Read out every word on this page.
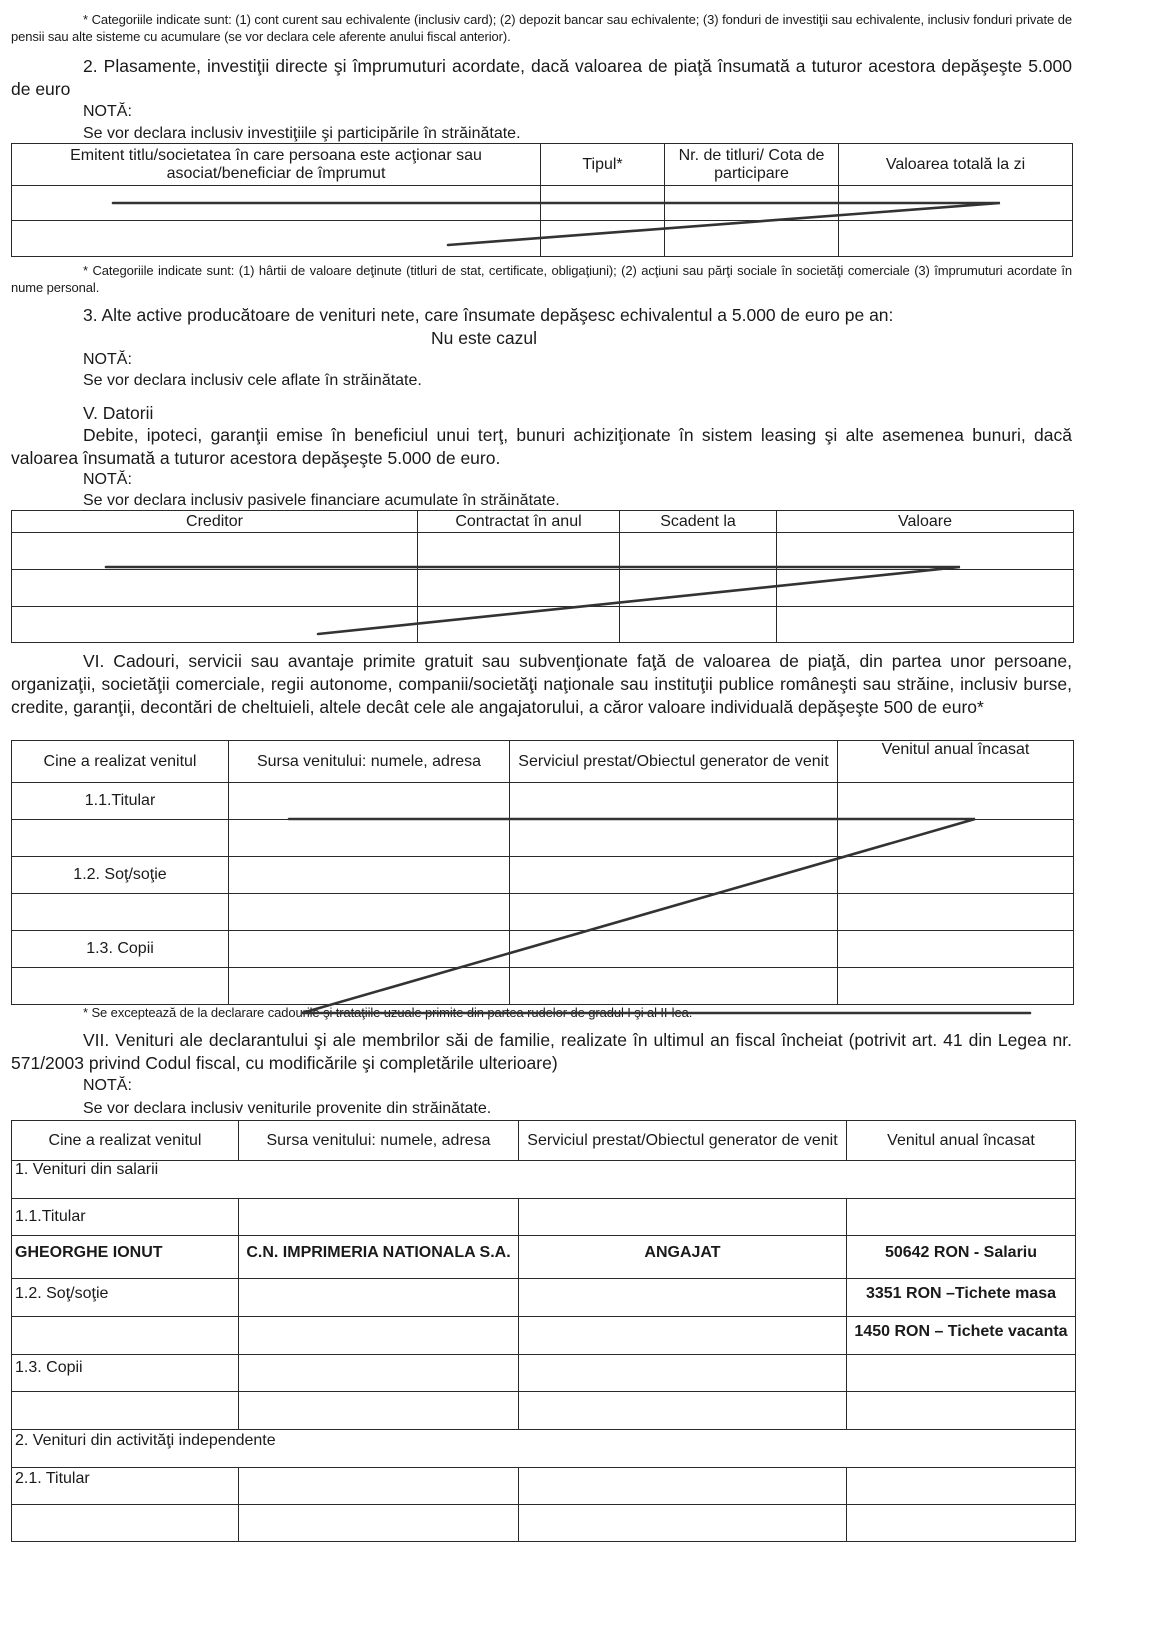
* Categoriile indicate sunt: (1) cont curent sau echivalente (inclusiv card); (2) depozit bancar sau echivalente; (3) fonduri de investiţii sau echivalente, inclusiv fonduri private de pensii sau alte sisteme cu acumulare (se vor declara cele aferente anului fiscal anterior).
2. Plasamente, investiţii directe şi împrumuturi acordate, dacă valoarea de piaţă însumată a tuturor acestora depăşeşte 5.000 de euro
NOTĂ:
Se vor declara inclusiv investiţiile şi participările în străinătate.
Emitent titlu/societatea în care persoana este acţionar sau asociat/beneficiar de împrumut	Tipul*	Nr. de titluri/ Cota de participare	Valoarea totală la zi

* Categoriile indicate sunt: (1) hârtii de valoare deţinute (titluri de stat, certificate, obligaţiuni); (2) acţiuni sau părţi sociale în societăţi comerciale (3) împrumuturi acordate în nume personal.
3. Alte active producătoare de venituri nete, care însumate depăşesc echivalentul a 5.000 de euro pe an:
Nu este cazul
NOTĂ:
Se vor declara inclusiv cele aflate în străinătate.
V. Datorii
Debite, ipoteci, garanţii emise în beneficiul unui terţ, bunuri achiziţionate în sistem leasing şi alte asemenea bunuri, dacă valoarea însumată a tuturor acestora depăşeşte 5.000 de euro.
NOTĂ:
Se vor declara inclusiv pasivele financiare acumulate în străinătate.
Creditor	Contractat în anul	Scadent la	Valoare

VI. Cadouri, servicii sau avantaje primite gratuit sau subvenţionate faţă de valoarea de piaţă, din partea unor persoane, organizaţii, societăţii comerciale, regii autonome, companii/societăţi naţionale sau instituţii publice româneşti sau străine, inclusiv burse, credite, garanţii, decontări de cheltuieli, altele decât cele ale angajatorului, a căror valoare individuală depăşeşte 500 de euro*
Cine a realizat venitul	Sursa venitului: numele, adresa	Serviciul prestat/Obiectul generator de venit	Venitul anual încasat
1.1.Titular			

1.2. Soţ/soţie			

1.3. Copii			

* Se exceptează de la declarare cadourile şi trataţiile uzuale primite din partea rudelor de gradul I şi al II-lea.
VII. Venituri ale declarantului şi ale membrilor săi de familie, realizate în ultimul an fiscal încheiat (potrivit art. 41 din Legea nr. 571/2003 privind Codul fiscal, cu modificările şi completările ulterioare)
NOTĂ:
Se vor declara inclusiv veniturile provenite din străinătate.
Cine a realizat venitul	Sursa venitului: numele, adresa	Serviciul prestat/Obiectul generator de venit	Venitul anual încasat
1. Venituri din salarii			
1.1.Titular			
GHEORGHE IONUT	C.N. IMPRIMERIA NATIONALA S.A.	ANGAJAT	50642 RON - Salariu
1.2. Soţ/soţie			3351 RON –Tichete masa
			1450 RON – Tichete vacanta
1.3. Copii			

2. Venituri din activităţi independente			
2.1. Titular			
